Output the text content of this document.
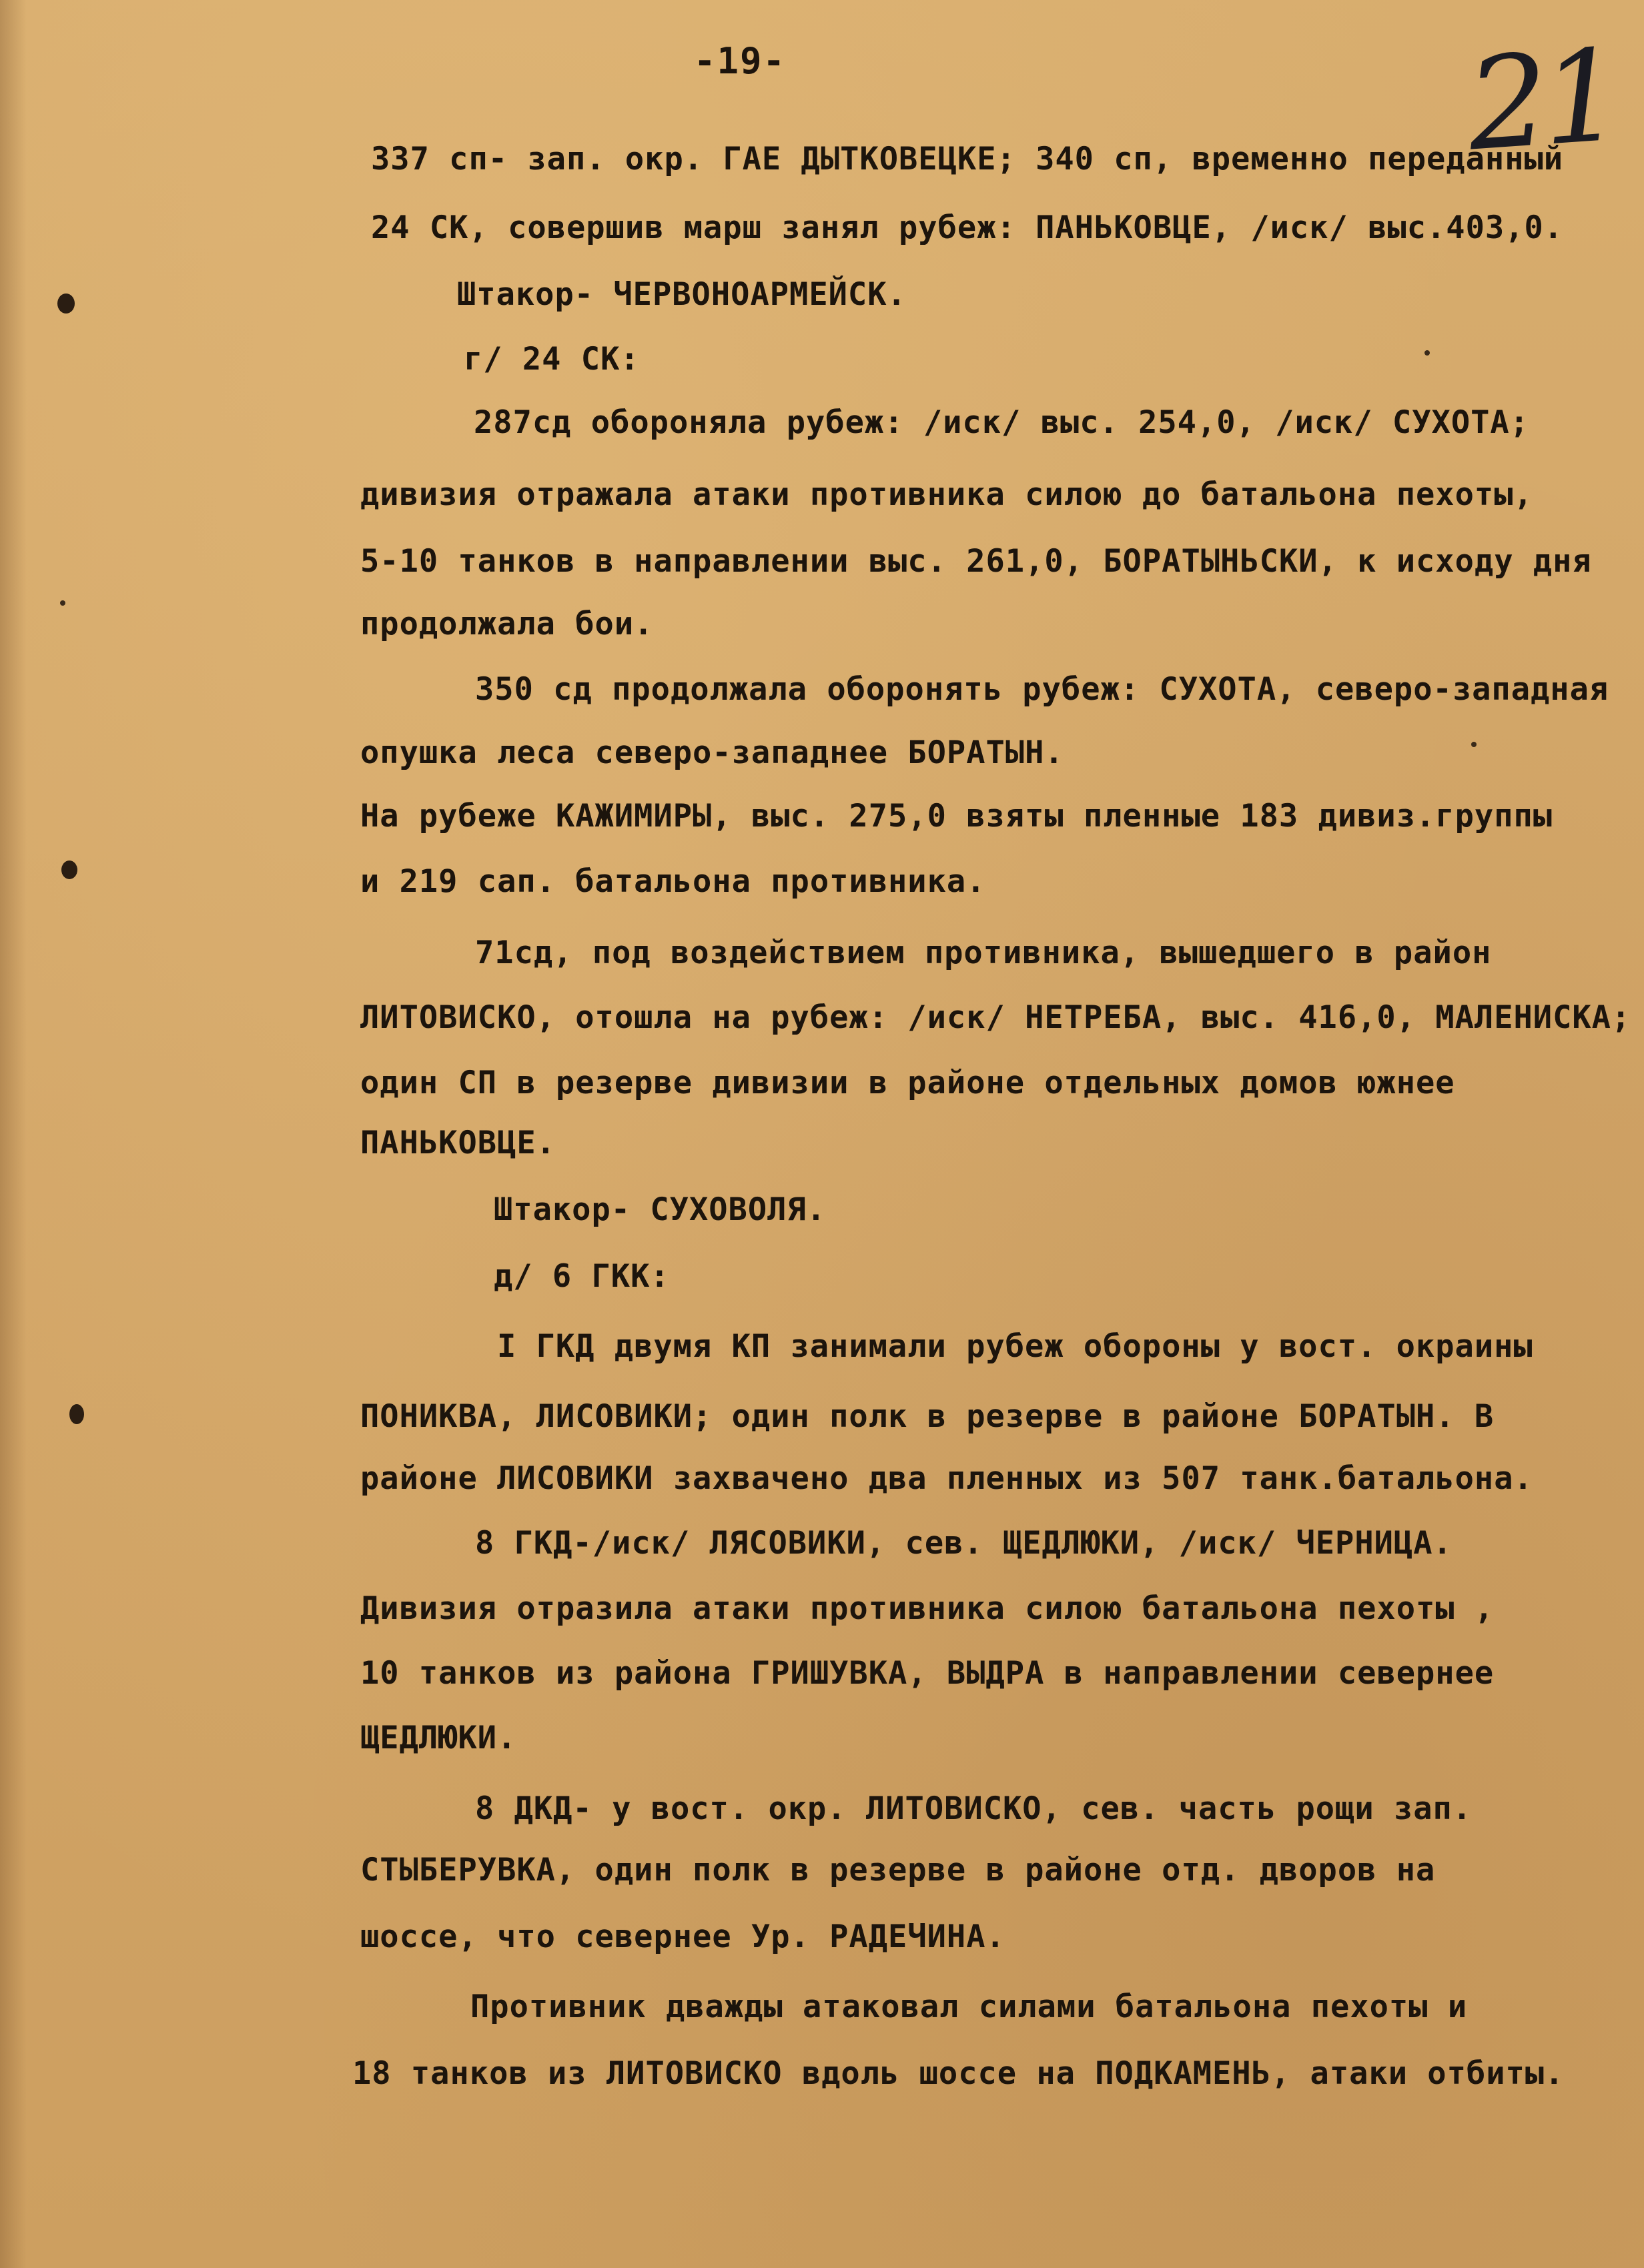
-19-	21
337 сп- зап. окр. ГАЕ ДЫТКОВЕЦКЕ; 340 сп, временно переданный
24 СК, совершив марш занял рубеж: ПАНЬКОВЦЕ, /иск/ выс.403,0.
Штакор- ЧЕРВОНОАРМЕЙСК.
г/ 24 СК:
287сд обороняла рубеж: /иск/ выс. 254,0, /иск/ СУХОТА;
дивизия отражала атаки противника силою до батальона пехоты,
5-10 танков в направлении выс. 261,0, БОРАТЫНЬСКИ, к исходу дня
продолжала бои.
350 сд продолжала оборонять рубеж: СУХОТА, северо-западная
опушка леса северо-западнее БОРАТЫН.
На рубеже КАЖИМИРЫ, выс. 275,0 взяты пленные 183 дивиз.группы
и 219 сап. батальона противника.
71сд, под воздействием противника, вышедшего в район
ЛИТОВИСКО, отошла на рубеж: /иск/ НЕТРЕБА, выс. 416,0, МАЛЕНИСКА;
один СП в резерве дивизии в районе отдельных домов южнее
ПАНЬКОВЦЕ.
Штакор- СУХОВОЛЯ.
д/ 6 ГКК:
I ГКД двумя КП занимали рубеж обороны у вост. окраины
ПОНИКВА, ЛИСОВИКИ; один полк в резерве в районе БОРАТЫН. В
районе ЛИСОВИКИ захвачено два пленных из 507 танк.батальона.
8 ГКД-/иск/ ЛЯСОВИКИ, сев. ЩЕДЛЮКИ, /иск/ ЧЕРНИЦА.
Дивизия отразила атаки противника силою батальона пехоты ,
10 танков из района ГРИШУВКА, ВЫДРА в направлении севернее
ЩЕДЛЮКИ.
8 ДКД- у вост. окр. ЛИТОВИСКО, сев. часть рощи зап.
СТЫБЕРУВКА, один полк в резерве в районе отд. дворов на
шоссе, что севернее Ур. РАДЕЧИНА.
Противник дважды атаковал силами батальона пехоты и
18 танков из ЛИТОВИСКО вдоль шоссе на ПОДКАМЕНЬ, атаки отбиты.
